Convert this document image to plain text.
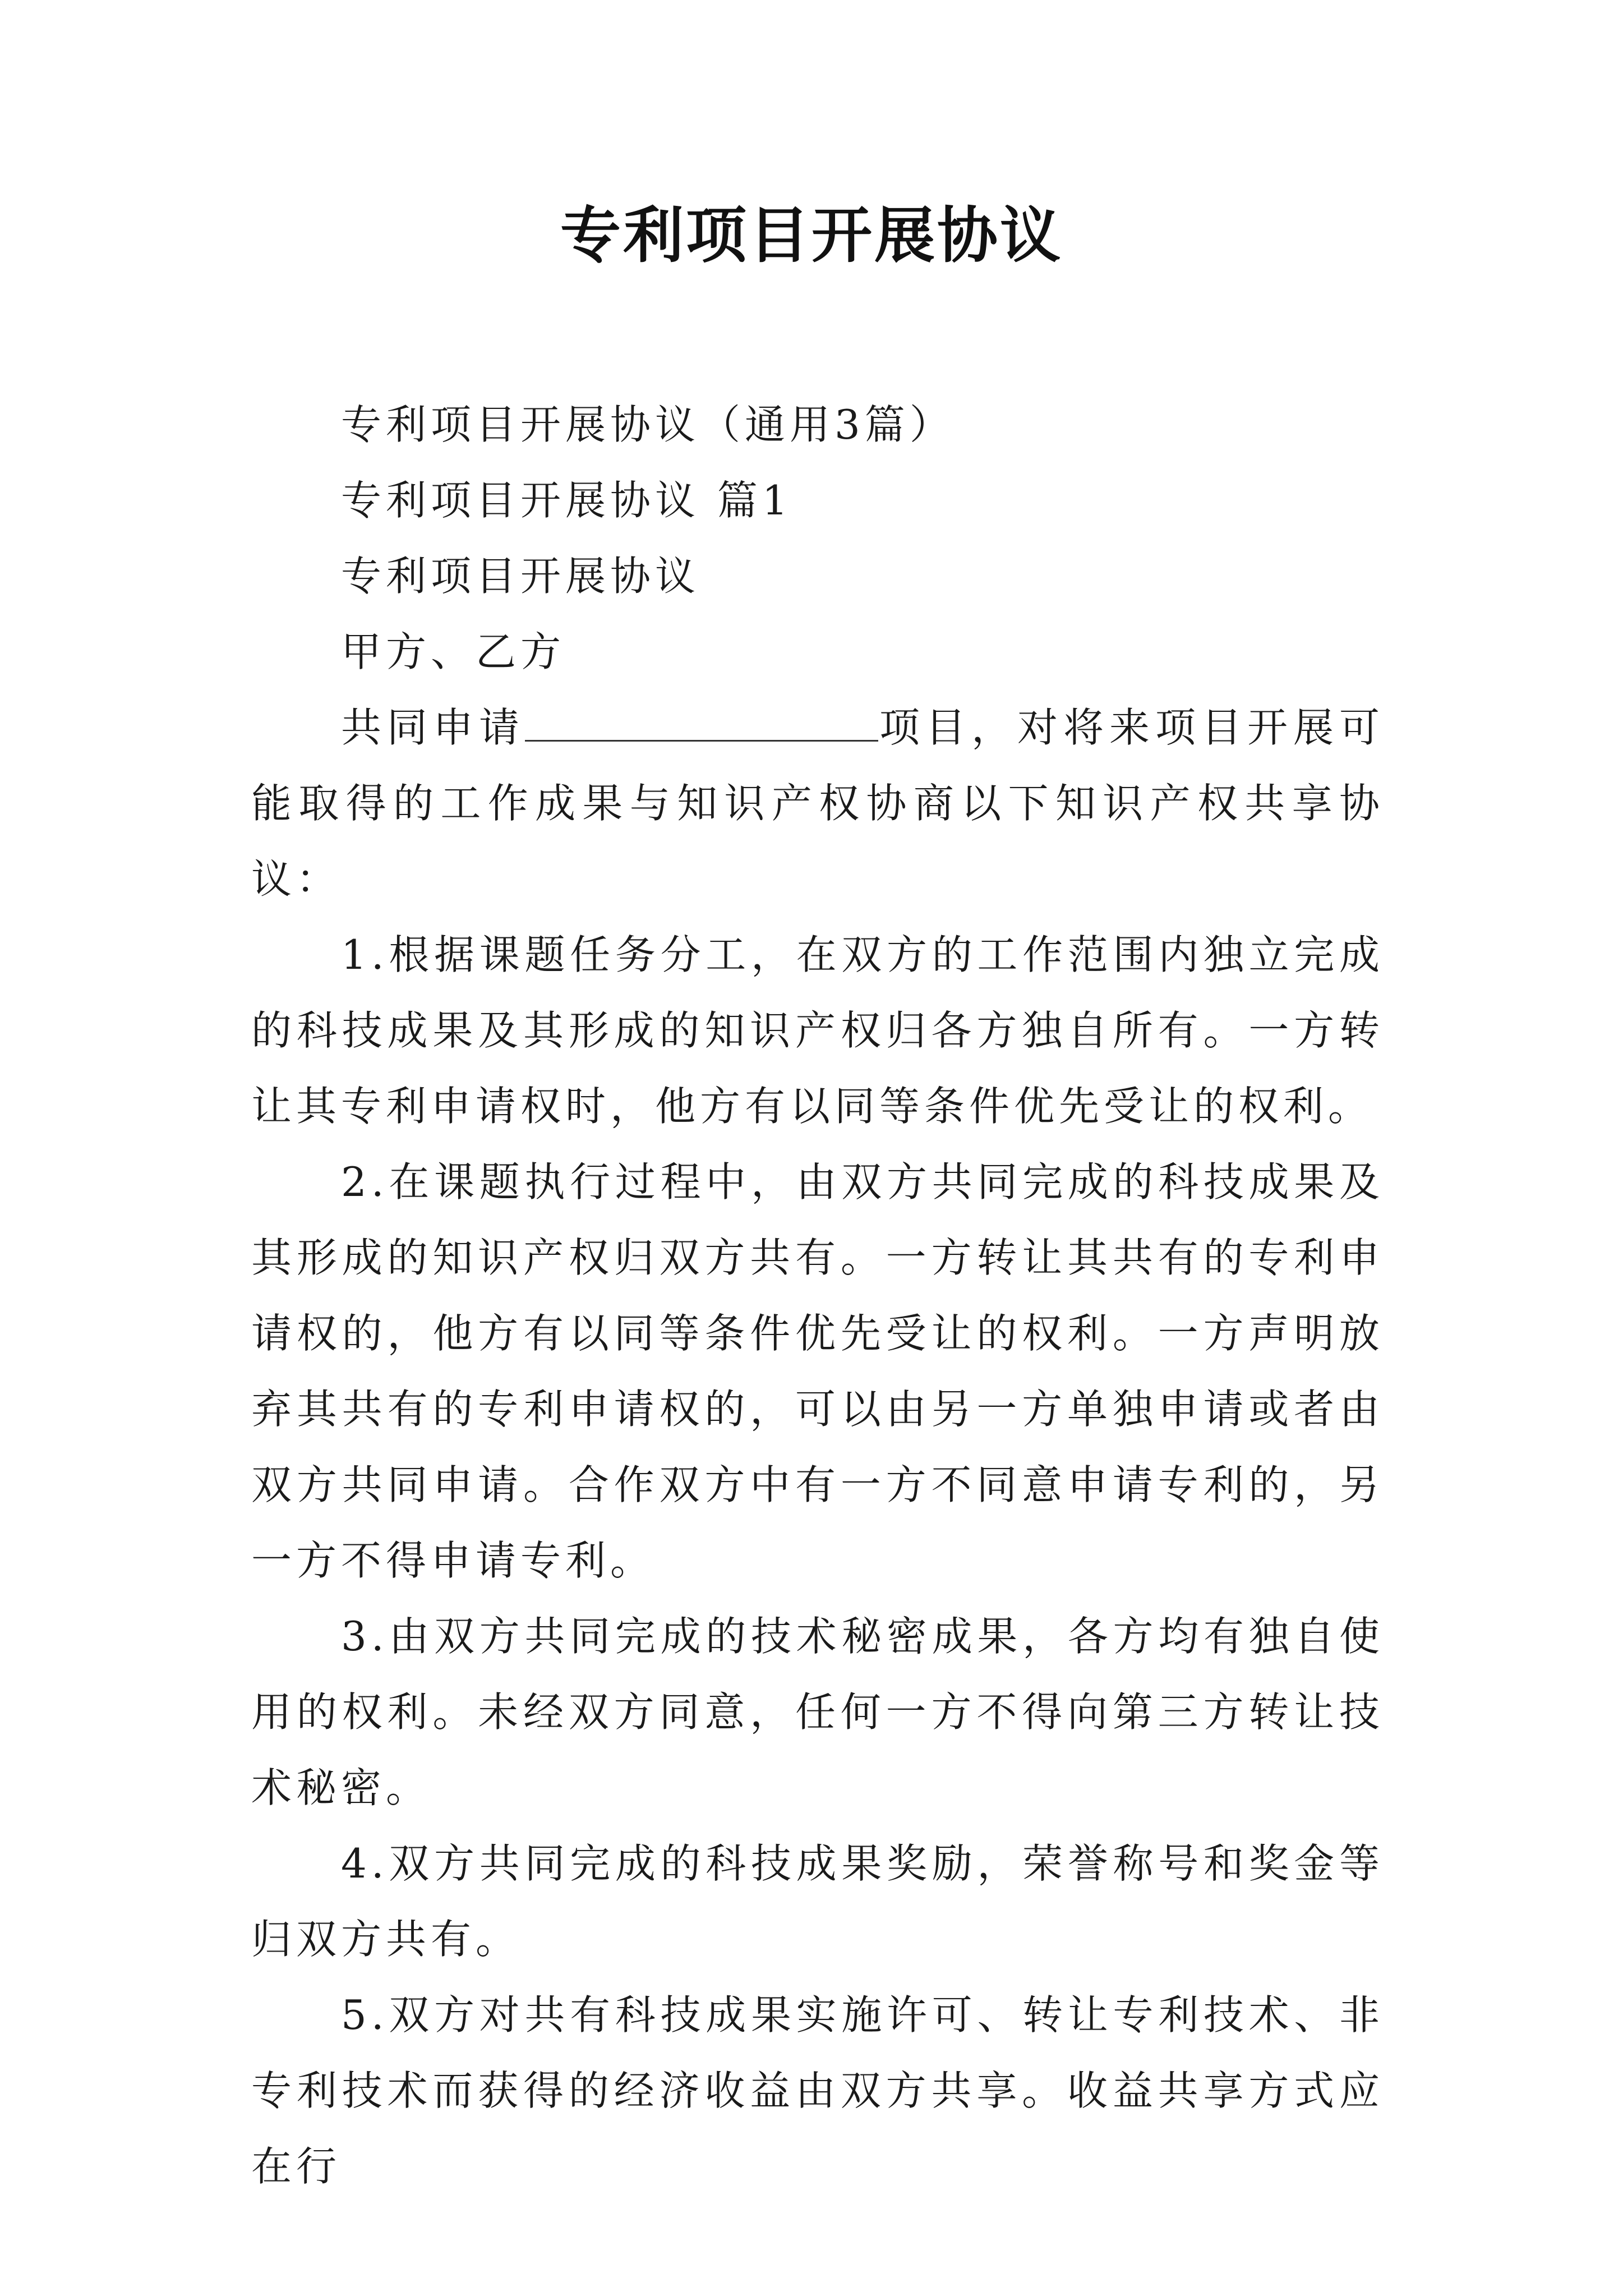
专利项目开展协议

专利项目开展协议（通用3篇）

专利项目开展协议 篇1

专利项目开展协议

甲方、乙方

共同申请	项目，对将来项目开展可能取得的工作成果与知识产权协商以下知识产权共享协议：

1.根据课题任务分工，在双方的工作范围内独立完成的科技成果及其形成的知识产权归各方独自所有。一方转让其专利申请权时，他方有以同等条件优先受让的权利。

2.在课题执行过程中，由双方共同完成的科技成果及其形成的知识产权归双方共有。一方转让其共有的专利申请权的，他方有以同等条件优先受让的权利。一方声明放弃其共有的专利申请权的，可以由另一方单独申请或者由双方共同申请。合作双方中有一方不同意申请专利的，另一方不得申请专利。

3.由双方共同完成的技术秘密成果，各方均有独自使用的权利。未经双方同意，任何一方不得向第三方转让技术秘密。

4.双方共同完成的科技成果奖励，荣誉称号和奖金等归双方共有。

5.双方对共有科技成果实施许可、转让专利技术、非专利技术而获得的经济收益由双方共享。收益共享方式应在行
